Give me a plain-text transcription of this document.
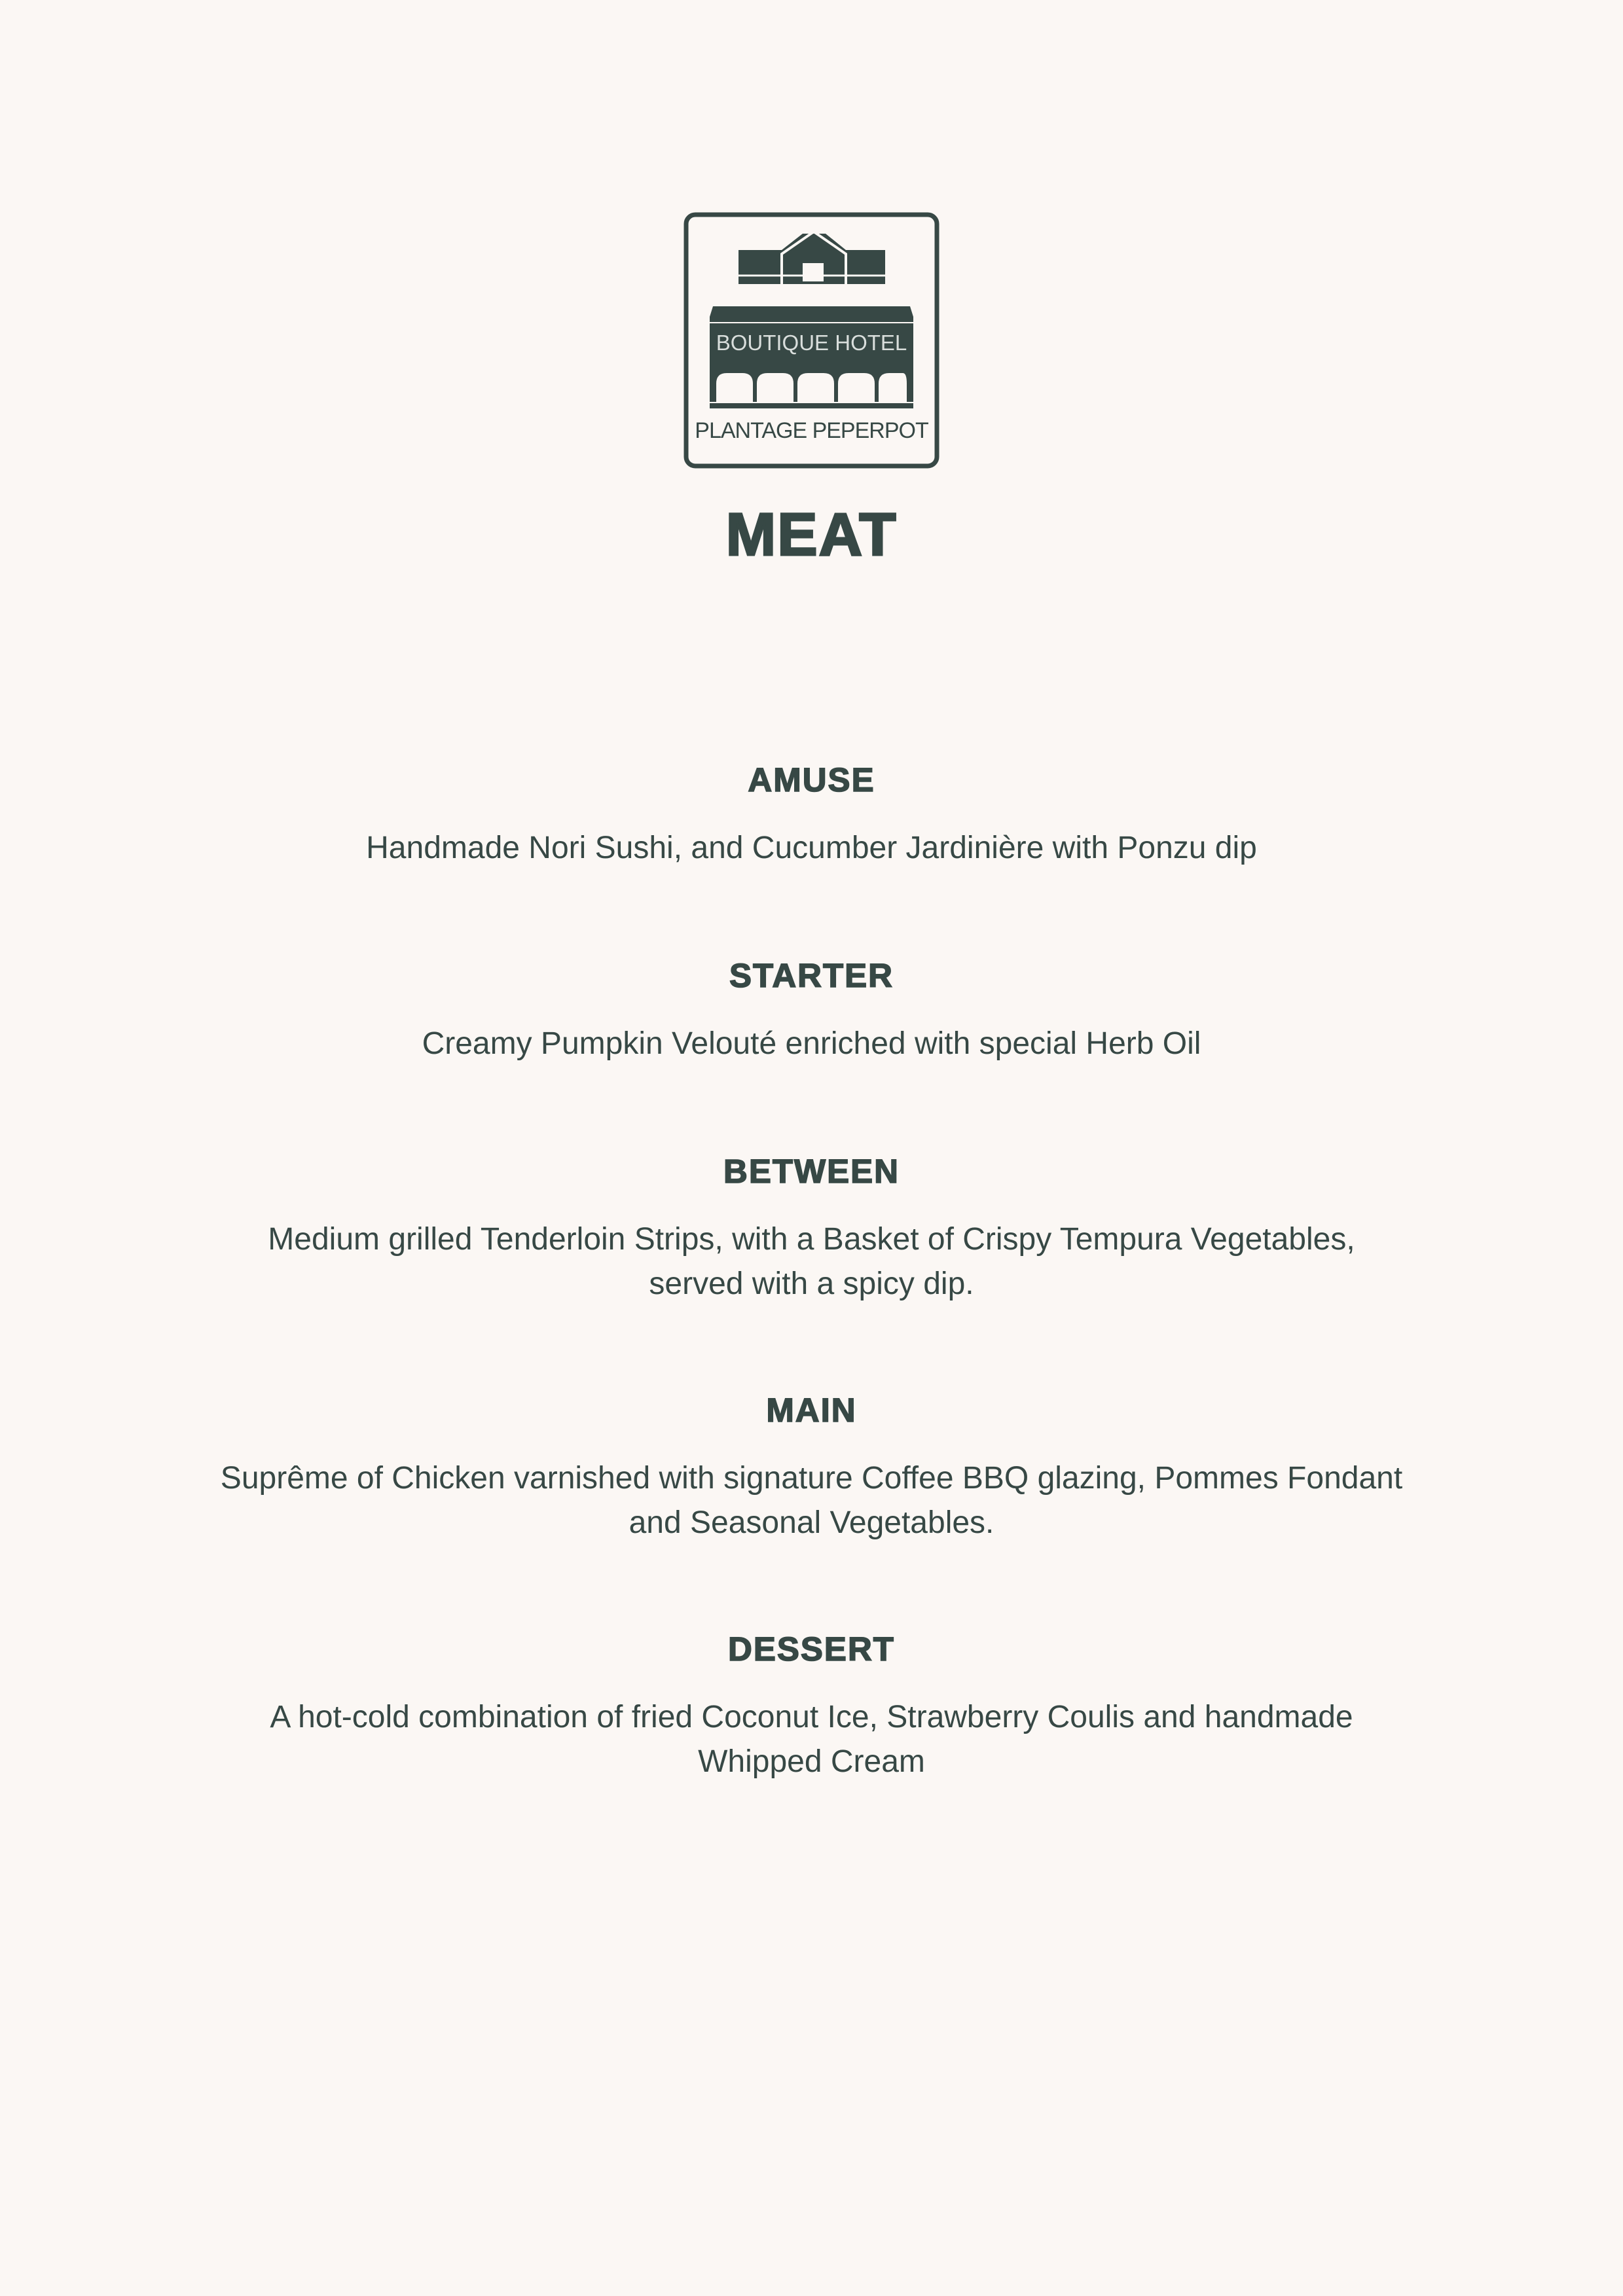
BOUTIQUE HOTEL
PLANTAGE PEPERPOT
MEAT
AMUSE
Handmade Nori Sushi, and Cucumber Jardinière with Ponzu dip
STARTER
Creamy Pumpkin Velouté enriched with special Herb Oil
BETWEEN
Medium grilled Tenderloin Strips, with a Basket of Crispy Tempura Vegetables,
served with a spicy dip.
MAIN
Suprême of Chicken varnished with signature Coffee BBQ glazing, Pommes Fondant
and Seasonal Vegetables.
DESSERT
A hot-cold combination of fried Coconut Ice, Strawberry Coulis and handmade
Whipped Cream
